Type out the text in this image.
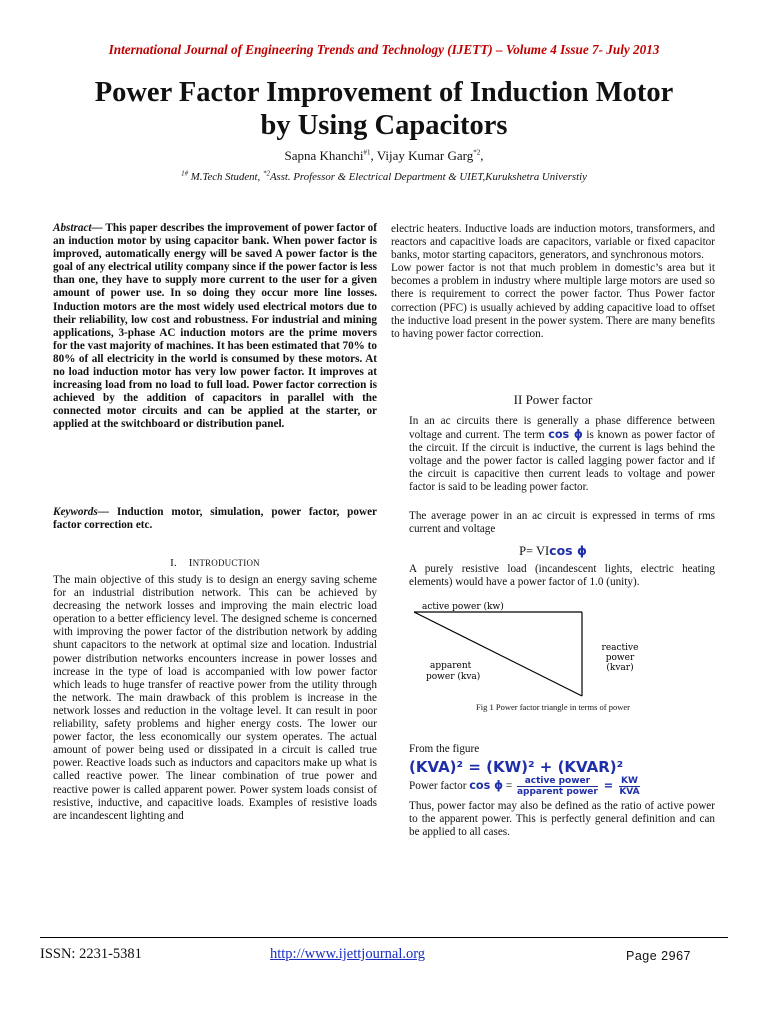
International Journal of Engineering Trends and Technology (IJETT) – Volume 4 Issue 7- July 2013
Power Factor Improvement of Induction Motor
by Using Capacitors
Sapna Khanchi$^{\#1}$, Vijay Kumar Garg$^{*2}$,
$^{1\#}$ M.Tech Student, $^{*2}$Asst. Professor & Electrical Department & UIET,Kurukshetra Universtiy
Abstract— This paper describes the improvement of power factor of an induction motor by using capacitor bank. When power factor is improved, automatically energy will be saved A power factor is the goal of any electrical utility company since if the power factor is less than one, they have to supply more current to the user for a given amount of power use. In so doing they occur more line losses. Induction motors are the most widely used electrical motors due to their reliability, low cost and robustness. For industrial and mining applications, 3-phase AC induction motors are the prime movers for the vast majority of machines. It has been estimated that 70% to 80% of all electricity in the world is consumed by these motors. At no load induction motor has very low power factor. It improves at increasing load from no load to full load. Power factor correction is achieved by the addition of capacitors in parallel with the connected motor circuits and can be applied at the starter, or applied at the switchboard or distribution panel.
Keywords— Induction motor, simulation, power factor, power factor correction etc.
I. INTRODUCTION
The main objective of this study is to design an energy saving scheme for an industrial distribution network. This can be achieved by decreasing the network losses and improving the main electric load operation to a better efficiency level. The designed scheme is concerned with improving the power factor of the distribution network by adding shunt capacitors to the network at optimal size and location. Industrial power distribution networks encounters increase in power losses and increase in the type of load is accompanied with low power factor which leads to huge transfer of reactive power from the utility through the network. The main drawback of this problem is increase in the network losses and reduction in the voltage level. It can result in poor reliability, safety problems and higher energy costs. The lower our power factor, the less economically our system operates. The actual amount of power being used or dissipated in a circuit is called true power. Reactive loads such as inductors and capacitors make up what is called reactive power. The linear combination of true power and reactive power is called apparent power. Power system loads consist of resistive, inductive, and capacitive loads. Examples of resistive loads are incandescent lighting and

electric heaters. Inductive loads are induction motors, transformers, and reactors and capacitive loads are capacitors, variable or fixed capacitor banks, motor starting capacitors, generators, and synchronous motors.

Low power factor is not that much problem in domestic’s area but it becomes a problem in industry where multiple large motors are used so there is requirement to correct the power factor. Thus Power factor correction (PFC) is usually achieved by adding capacitive load to offset the inductive load present in the power system. There are many benefits to having power factor correction.

II Power factor
In an ac circuits there is generally a phase difference between voltage and current. The term cos ϕ is known as power factor of the circuit. If the circuit is inductive, the current is lags behind the voltage and the power factor is called lagging power factor and if the circuit is capacitive then current leads to voltage and power factor is said to be leading power factor.
The average power in an ac circuit is expressed in terms of rms current and voltage
P= VIcos ϕ
A purely resistive load (incandescent lights, electric heating elements) would have a power factor of 1.0 (unity).
active power (kw)
reactive
power
(kvar)
apparent
power (kva)
Fig 1 Power factor triangle in terms of power
From the figure
(KVA)² = (KW)² + (KVAR)²
Power factor $\cos \phi = \frac{\text{active power}}{\text{apparent power}} = \frac{KW}{\text{KVA}}$
Thus, power factor may also be defined as the ratio of active power to the apparent power. This is perfectly general definition and can be applied to all cases.
ISSN: 2231-5381	http://www.ijettjournal.org	Page 2967
